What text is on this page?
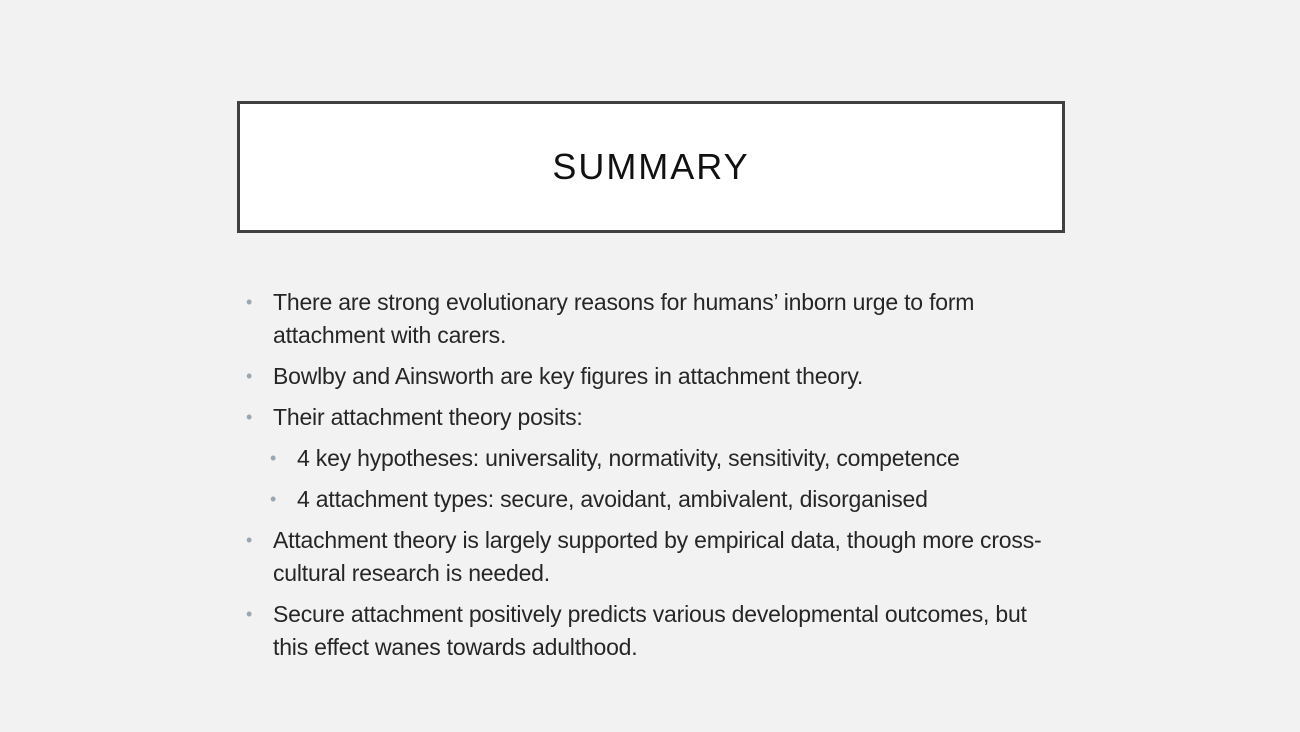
SUMMARY
• There are strong evolutionary reasons for humans’ inborn urge to form attachment with carers.
• Bowlby and Ainsworth are key figures in attachment theory.
• Their attachment theory posits:
• 4 key hypotheses: universality, normativity, sensitivity, competence
• 4 attachment types: secure, avoidant, ambivalent, disorganised
• Attachment theory is largely supported by empirical data, though more cross-cultural research is needed.
• Secure attachment positively predicts various developmental outcomes, but this effect wanes towards adulthood.
